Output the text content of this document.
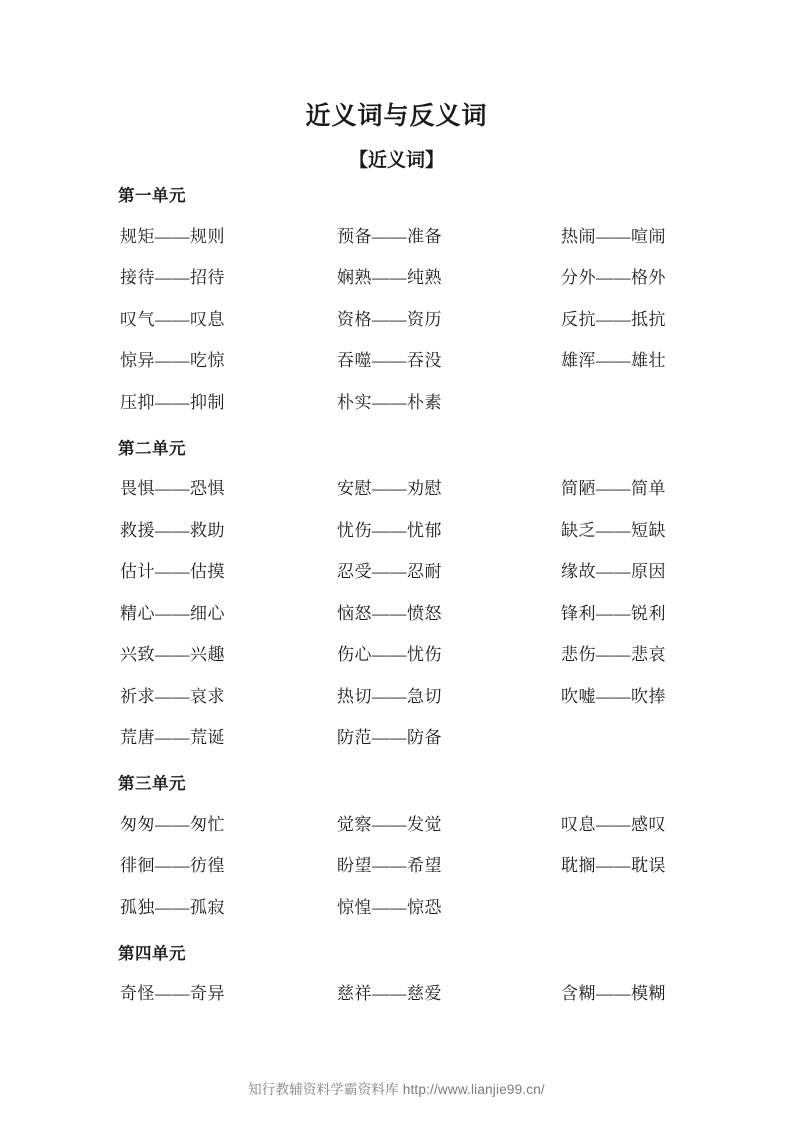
近义词与反义词
【近义词】
第一单元
规矩——规则	预备——准备	热闹——喧闹
接待——招待	娴熟——纯熟	分外——格外
叹气——叹息	资格——资历	反抗——抵抗
惊异——吃惊	吞噬——吞没	雄浑——雄壮
压抑——抑制	朴实——朴素
第二单元
畏惧——恐惧	安慰——劝慰	简陋——简单
救援——救助	忧伤——忧郁	缺乏——短缺
估计——估摸	忍受——忍耐	缘故——原因
精心——细心	恼怒——愤怒	锋利——锐利
兴致——兴趣	伤心——忧伤	悲伤——悲哀
祈求——哀求	热切——急切	吹嘘——吹捧
荒唐——荒诞	防范——防备
第三单元
匆匆——匆忙	觉察——发觉	叹息——感叹
徘徊——彷徨	盼望——希望	耽搁——耽误
孤独——孤寂	惊惶——惊恐
第四单元
奇怪——奇异	慈祥——慈爱	含糊——模糊
知行教辅资料学霸资料库 http://www.lianjie99.cn/
